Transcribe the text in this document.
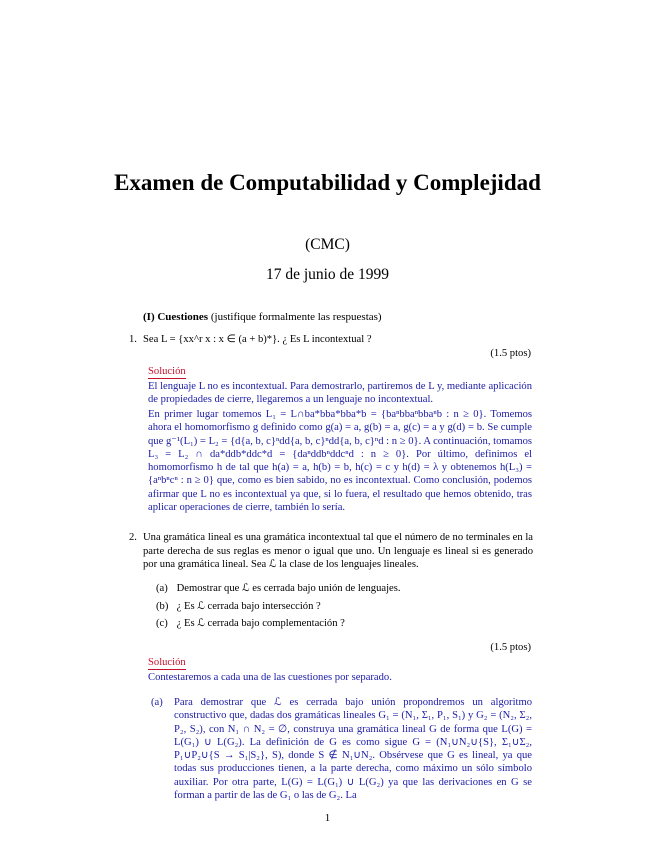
Examen de Computabilidad y Complejidad
(CMC)
17 de junio de 1999
(I) Cuestiones (justifique formalmente las respuestas)
1. Sea L = {xx^r x : x ∈ (a + b)*}. ¿ Es L incontextual ?
(1.5 ptos)
Solución
El lenguaje L no es incontextual. Para demostrarlo, partiremos de L y, mediante aplicación de propiedades de cierre, llegaremos a un lenguaje no incontextual.
En primer lugar tomemos L₁ = L∩ba*bba*bba*b = {baⁿbbaⁿbbaⁿb : n ≥ 0}. Tomemos ahora el homomorfismo g definido como g(a) = a, g(b) = a, g(c) = a y g(d) = b. Se cumple que g⁻¹(L₁) = L₂ = {d{a, b, c}ⁿdd{a, b, c}ⁿdd{a, b, c}ⁿd : n ≥ 0}. A continuación, tomamos L₃ = L₂ ∩ da*ddb*ddc*d = {daⁿddbⁿddcⁿd : n ≥ 0}. Por último, definimos el homomorfismo h de tal que h(a) = a, h(b) = b, h(c) = c y h(d) = λ y obtenemos h(L₃) = {aⁿbⁿcⁿ : n ≥ 0} que, como es bien sabido, no es incontextual. Como conclusión, podemos afirmar que L no es incontextual ya que, si lo fuera, el resultado que hemos obtenido, tras aplicar operaciones de cierre, también lo sería.
2. Una gramática lineal es una gramática incontextual tal que el número de no terminales en la parte derecha de sus reglas es menor o igual que uno. Un lenguaje es lineal si es generado por una gramática lineal. Sea ℒ la clase de los lenguajes lineales.
(a) Demostrar que ℒ es cerrada bajo unión de lenguajes.
(b) ¿ Es ℒ cerrada bajo intersección ?
(c) ¿ Es ℒ cerrada bajo complementación ?
(1.5 ptos)
Solución
Contestaremos a cada una de las cuestiones por separado.
(a)	Para demostrar que ℒ es cerrada bajo unión propondremos un algoritmo constructivo que, dadas dos gramáticas lineales G₁ = (N₁, Σ₁, P₁, S₁) y G₂ = (N₂, Σ₂, P₂, S₂), con N₁ ∩ N₂ = ∅, construya una gramática lineal G de forma que L(G) = L(G₁) ∪ L(G₂). La definición de G es como sigue G = (N₁∪N₂∪{S}, Σ₁∪Σ₂, P₁∪P₂∪{S → S₁|S₂}, S), donde S ∉ N₁∪N₂. Obsérvese que G es lineal, ya que todas sus producciones tienen, a la parte derecha, como máximo un sólo símbolo auxiliar. Por otra parte, L(G) = L(G₁) ∪ L(G₂) ya que las derivaciones en G se forman a partir de las de G₁ o las de G₂. La
1
